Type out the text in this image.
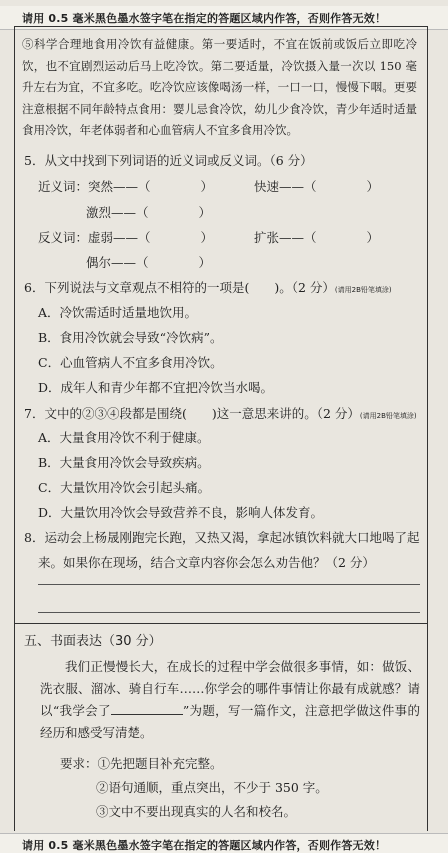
请用 0.5 毫米黑色墨水签字笔在指定的答题区域内作答，否则作答无效！

⑤科学合理地食用冷饮有益健康。第一要适时，不宜在饭前或饭后立即吃冷饮，也不宜剧烈运动后马上吃冷饮。第二要适量，冷饮摄入量一次以 150 毫升左右为宜，不宜多吃。吃冷饮应该像喝汤一样，一口一口，慢慢下咽。更要注意根据不同年龄特点食用：婴儿忌食冷饮，幼儿少食冷饮，青少年适时适量食用冷饮，年老体弱者和心血管病人不宜多食用冷饮。

5．从文中找到下列词语的近义词或反义词。（6 分）
近义词：突然——（　　　　）	快速——（　　　　）
激烈——（　　　　）
反义词：虚弱——（　　　　）	扩张——（　　　　）
偶尔——（　　　　）
6．下列说法与文章观点不相符的一项是(　　)。（2 分）(请用2B铅笔填涂)
A．冷饮需适时适量地饮用。
B．食用冷饮就会导致“冷饮病”。
C．心血管病人不宜多食用冷饮。
D．成年人和青少年都不宜把冷饮当水喝。
7．文中的②③④段都是围绕(　　)这一意思来讲的。（2 分）(请用2B铅笔填涂)
A．大量食用冷饮不利于健康。
B．大量食用冷饮会导致疾病。
C．大量饮用冷饮会引起头痛。
D．大量饮用冷饮会导致营养不良，影响人体发育。
8．运动会上杨晟刚跑完长跑，又热又渴，拿起冰镇饮料就大口地喝了起
来。如果你在现场，结合文章内容你会怎么劝告他？（2 分）
五、书面表达（30 分）

我们正慢慢长大，在成长的过程中学会做很多事情，如：做饭、洗衣服、溜冰、骑自行车……你学会的哪件事情让你最有成就感？请以“我学会了	”为题，写一篇作文，注意把学做这件事的经历和感受写清楚。

要求：①先把题目补充完整。
②语句通顺，重点突出，不少于 350 字。
③文中不要出现真实的人名和校名。
请用 0.5 毫米黑色墨水签字笔在指定的答题区域内作答，否则作答无效！
